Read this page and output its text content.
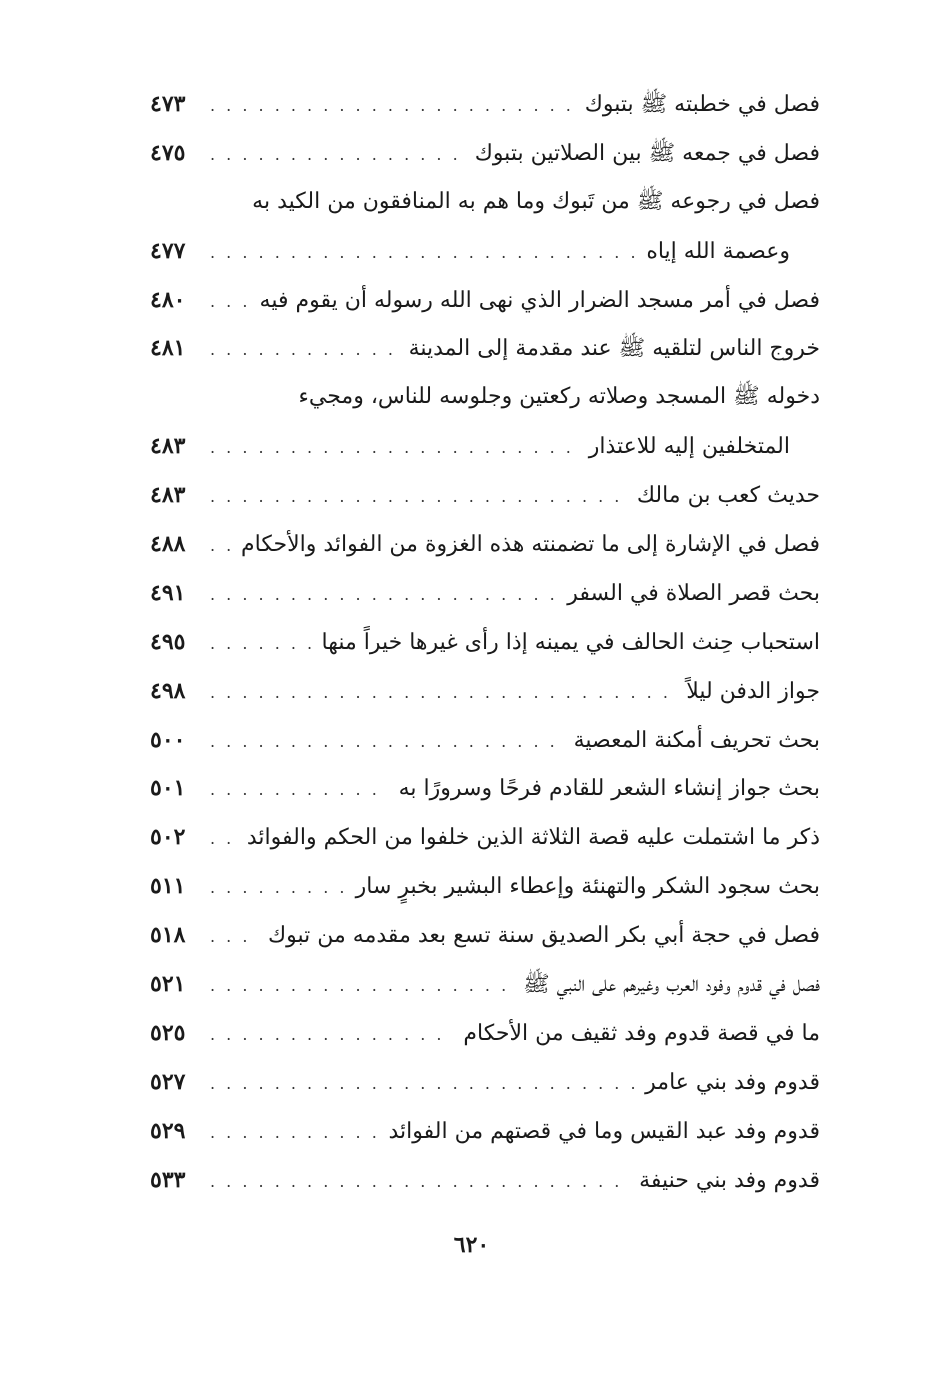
فصل في خطبته ﷺ بتبوك
. . .
٤٧٣
فصل في جمعه ﷺ بين الصلاتين بتبوك
. . .
٤٧٥
فصل في رجوعه ﷺ من تَبوك وما هم به المنافقون من الكيد به
وعصمة الله إياه
. . .
٤٧٧
فصل في أمر مسجد الضرار الذي نهى الله رسوله أن يقوم فيه
. . .
٤٨٠
خروج الناس لتلقيه ﷺ عند مقدمة إلى المدينة
. . .
٤٨١
دخوله ﷺ المسجد وصلاته ركعتين وجلوسه للناس، ومجيء
المتخلفين إليه للاعتذار
. . .
٤٨٣
حديث كعب بن مالك
. . .
٤٨٣
فصل في الإشارة إلى ما تضمنته هذه الغزوة من الفوائد والأحكام
. . .
٤٨٨
بحث قصر الصلاة في السفر
. . .
٤٩١
استحباب حِنث الحالف في يمينه إذا رأى غيرها خيراً منها
. . .
٤٩٥
جواز الدفن ليلاً
. . .
٤٩٨
بحث تحريف أمكنة المعصية
. . .
٥٠٠
بحث جواز إنشاء الشعر للقادم فرحًا وسرورًا به
. . .
٥٠١
ذكر ما اشتملت عليه قصة الثلاثة الذين خلفوا من الحكم والفوائد
. . .
٥٠٢
بحث سجود الشكر والتهنئة وإعطاء البشير بخبرٍ سار
. . .
٥١١
فصل في حجة أبي بكر الصديق سنة تسع بعد مقدمه من تبوك
. . .
٥١٨
فصل في قدوم وفود العرب وغيرهم على النبي ﷺ
. . .
٥٢١
ما في قصة قدوم وفد ثقيف من الأحكام
. . .
٥٢٥
قدوم وفد بني عامر
. . .
٥٢٧
قدوم وفد عبد القيس وما في قصتهم من الفوائد
. . .
٥٢٩
قدوم وفد بني حنيفة
. . .
٥٣٣
٦٢٠
